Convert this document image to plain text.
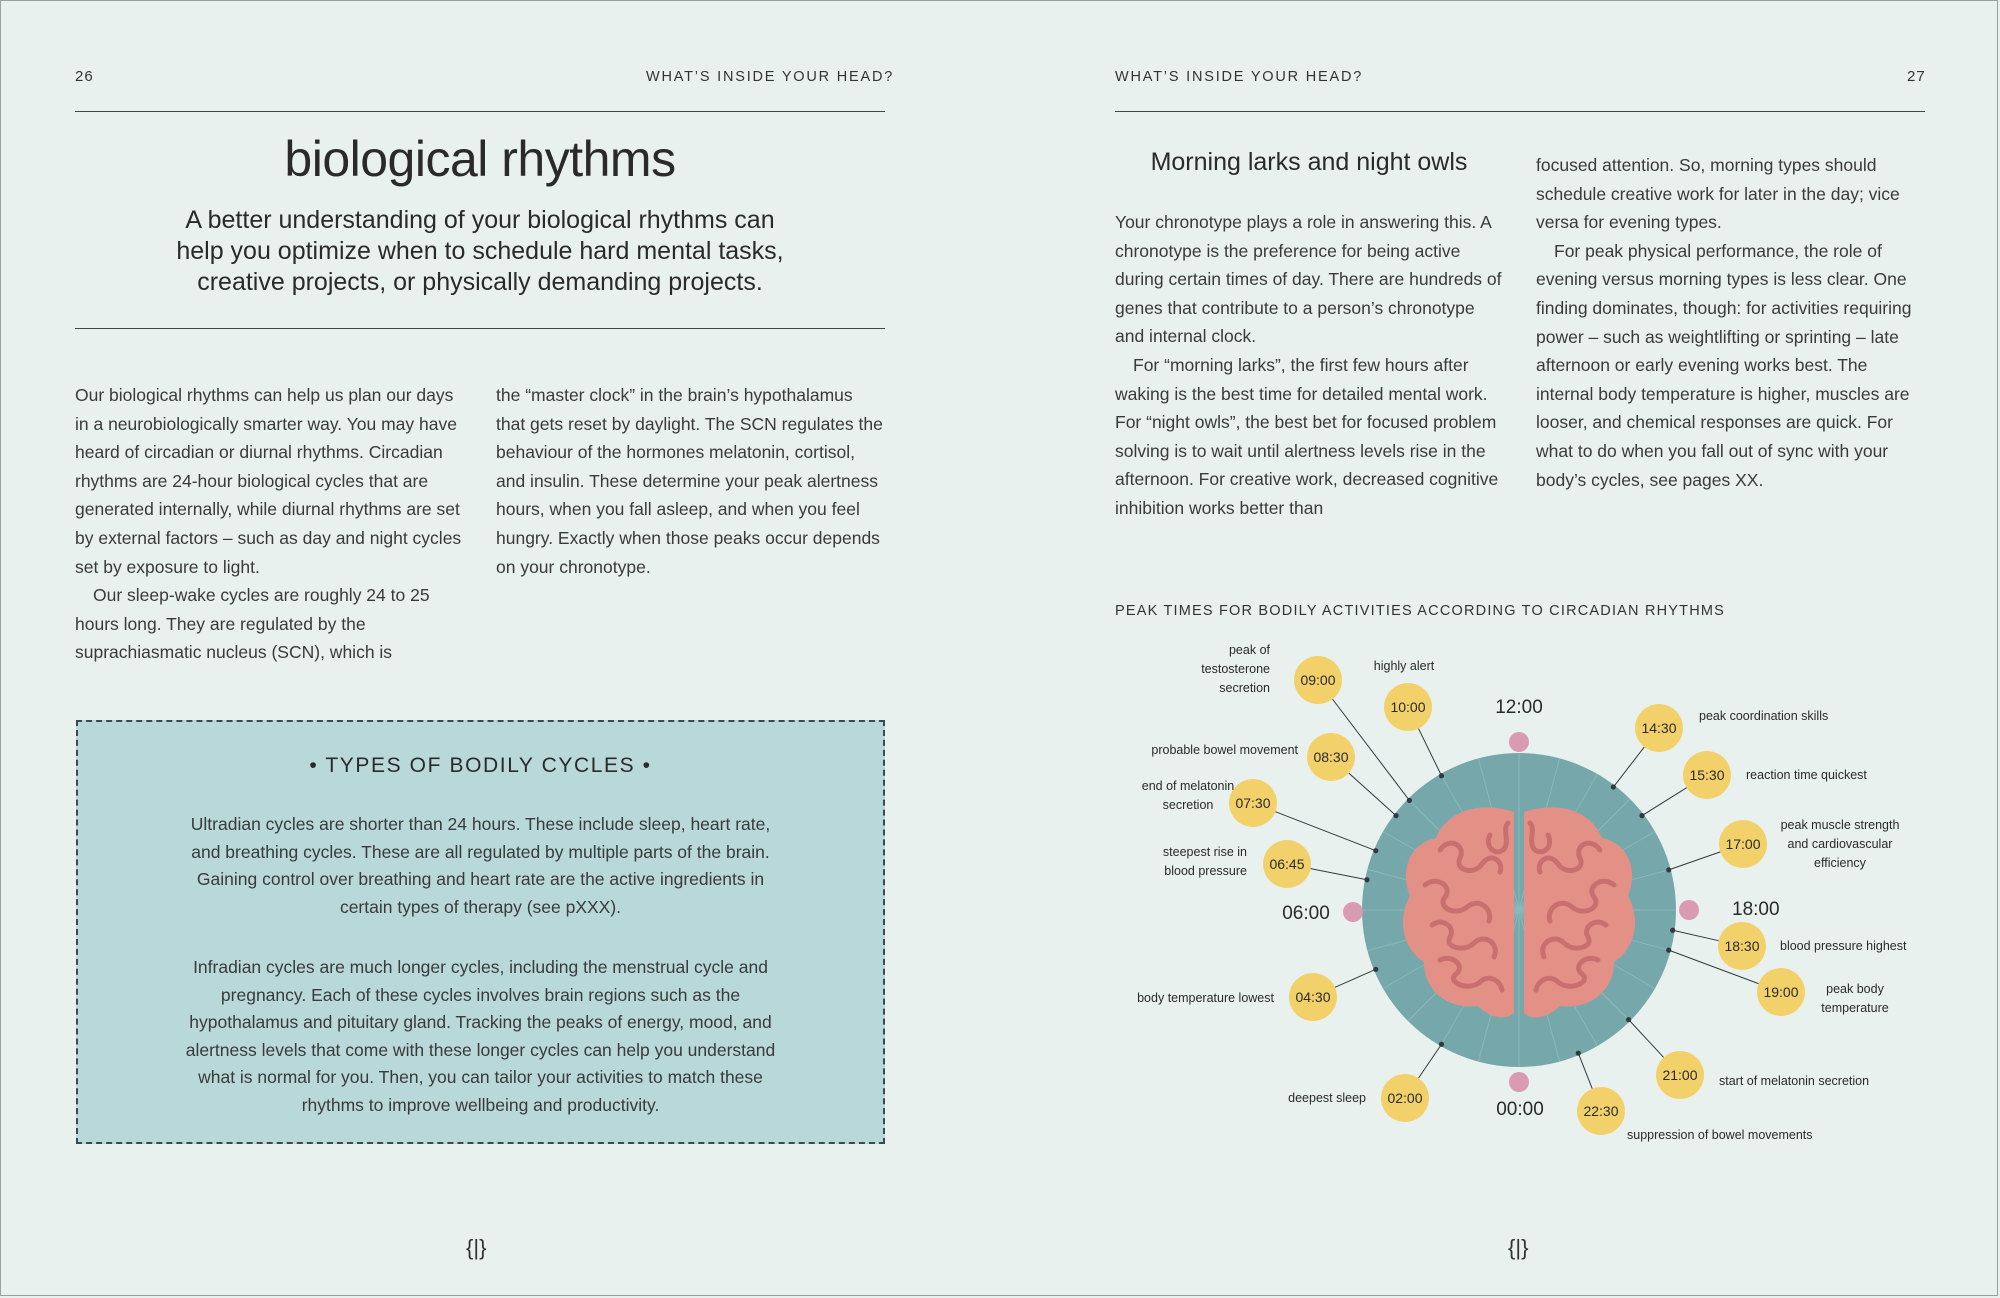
26	WHAT’S INSIDE YOUR HEAD?
biological rhythms
A better understanding of your biological rhythms can help you optimize when to schedule hard mental tasks, creative projects, or physically demanding projects.

Our biological rhythms can help us plan our days in a neurobiologically smarter way. You may have heard of circadian or diurnal rhythms. Circadian rhythms are 24-hour biological cycles that are generated internally, while diurnal rhythms are set by external factors – such as day and night cycles set by exposure to light.

Our sleep-wake cycles are roughly 24 to 25 hours long. They are regulated by the suprachiasmatic nucleus (SCN), which is

the “master clock” in the brain’s hypothalamus that gets reset by daylight. The SCN regulates the behaviour of the hormones melatonin, cortisol, and insulin. These determine your peak alertness hours, when you fall asleep, and when you feel hungry. Exactly when those peaks occur depends on your chronotype.

• TYPES OF BODILY CYCLES •

Ultradian cycles are shorter than 24 hours. These include sleep, heart rate, and breathing cycles. These are all regulated by multiple parts of the brain. Gaining control over breathing and heart rate are the active ingredients in certain types of therapy (see pXXX).

Infradian cycles are much longer cycles, including the menstrual cycle and pregnancy. Each of these cycles involves brain regions such as the hypothalamus and pituitary gland. Tracking the peaks of energy, mood, and alertness levels that come with these longer cycles can help you understand what is normal for you. Then, you can tailor your activities to match these rhythms to improve wellbeing and productivity.

{|}
WHAT’S INSIDE YOUR HEAD?	27
Morning larks and night owls

Your chronotype plays a role in answering this. A chronotype is the preference for being active during certain times of day. There are hundreds of genes that contribute to a person’s chronotype and internal clock.

For “morning larks”, the first few hours after waking is the best time for detailed mental work. For “night owls”, the best bet for focused problem solving is to wait until alertness levels rise in the afternoon. For creative work, decreased cognitive inhibition works better than

focused attention. So, morning types should schedule creative work for later in the day; vice versa for evening types.

For peak physical performance, the role of evening versus morning types is less clear. One finding dominates, though: for activities requiring power – such as weightlifting or sprinting – late afternoon or early evening works best. The internal body temperature is higher, muscles are looser, and chemical responses are quick. For what to do when you fall out of sync with your body’s cycles, see pages XX.

PEAK TIMES FOR BODILY ACTIVITIES ACCORDING TO CIRCADIAN RHYTHMS
12:00
18:00
00:00
06:00
09:00
peak of testosterone secretion
10:00
highly alert
08:30
probable bowel movement
07:30
end of melatonin secretion
06:45
steepest rise in blood pressure
04:30
body temperature lowest
02:00
deepest sleep
22:30
suppression of bowel movements
21:00 start of melatonin secretion
19:00	peak body temperature
18:30 blood pressure highest
17:00
peak muscle strength and cardiovascular efficiency
15:30 reaction time quickest
14:30
peak coordination skills
{|}
